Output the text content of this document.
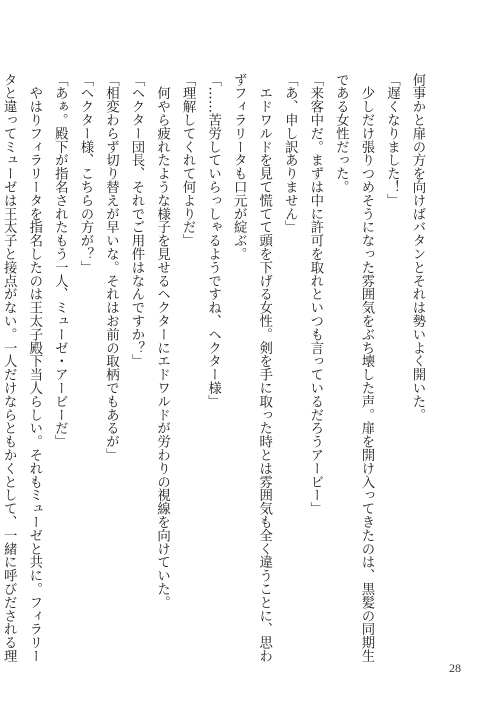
何事かと扉の方を向けばバタンとそれは勢いよく開いた。
「遅くなりました！」
　少しだけ張りつめそうになった雰囲気をぶち壊した声。扉を開け入ってきたのは、黒髪の同期生
である女性だった。
「来客中だ。まずは中に許可を取れといつも言っているだろうアービー」
「あ、申し訳ありません」
　エドワルドを見て慌てて頭を下げる女性。剣を手に取った時とは雰囲気も全く違うことに、思わ
ずフィラリータも口元が綻ぶ。
「……苦労していらっしゃるようですね、ヘクター様」
「理解してくれて何よりだ」
　何やら疲れたような様子を見せるヘクターにエドワルドが労わりの視線を向けていた。
「ヘクター団長、それでご用件はなんですか？」
「相変わらず切り替えが早いな。それはお前の取柄でもあるが」
「ヘクター様、こちらの方が？」
「あぁ。殿下が指名されたもう一人、ミューゼ・アービーだ」
　やはりフィラリータを指名したのは王太子殿下当人らしい。それもミューゼと共に。フィラリー
タと違ってミューゼは王太子と接点がない。一人だけならともかくとして、一緒に呼びだされる理
28
